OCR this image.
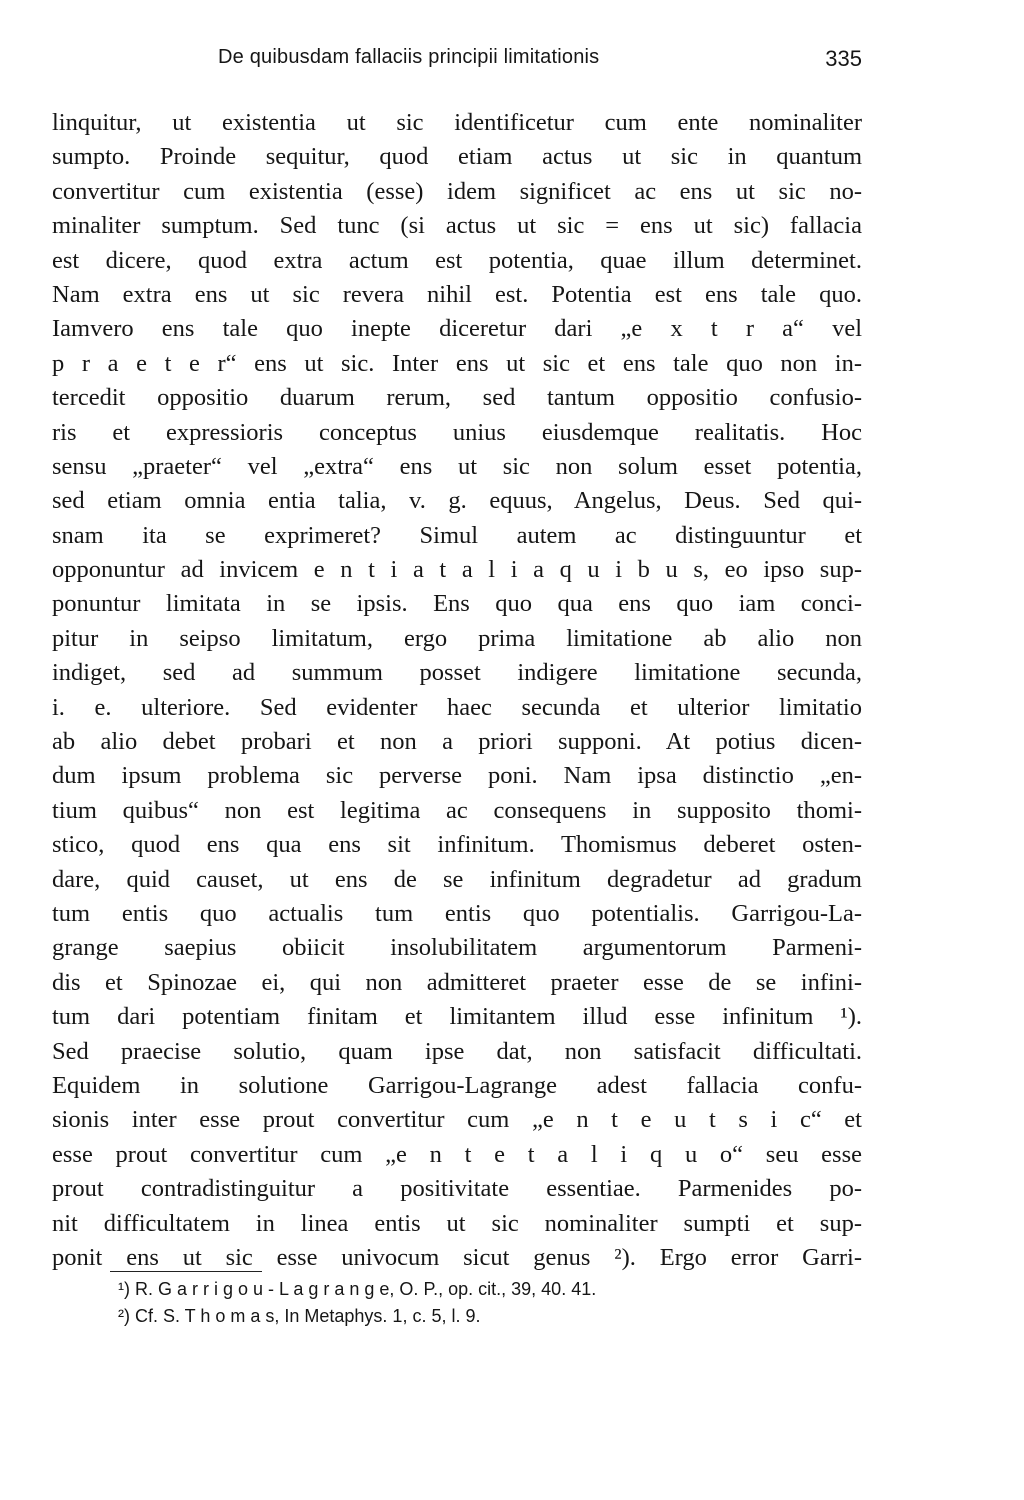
De quibusdam fallaciis principii limitationis	335
linquitur, ut existentia ut sic identificetur cum ente nominaliter
sumpto. Proinde sequitur, quod etiam actus ut sic in quantum
convertitur cum existentia (esse) idem significet ac ens ut sic no-
minaliter sumptum. Sed tunc (si actus ut sic = ens ut sic) fallacia
est dicere, quod extra actum est potentia, quae illum determinet.
Nam extra ens ut sic revera nihil est. Potentia est ens tale quo.
Iamvero ens tale quo inepte diceretur dari „e x t r a“ vel
p r a e t e r“ ens ut sic. Inter ens ut sic et ens tale quo non in-
tercedit oppositio duarum rerum, sed tantum oppositio confusio-
ris et expressioris conceptus unius eiusdemque realitatis. Hoc
sensu „praeter“ vel „extra“ ens ut sic non solum esset potentia,
sed etiam omnia entia talia, v. g. equus, Angelus, Deus. Sed qui-
snam ita se exprimeret? Simul autem ac distinguuntur et
opponuntur ad invicem e n t i a t a l i a q u i b u s, eo ipso sup-
ponuntur limitata in se ipsis. Ens quo qua ens quo iam conci-
pitur in seipso limitatum, ergo prima limitatione ab alio non
indiget, sed ad summum posset indigere limitatione secunda,
i. e. ulteriore. Sed evidenter haec secunda et ulterior limitatio
ab alio debet probari et non a priori supponi. At potius dicen-
dum ipsum problema sic perverse poni. Nam ipsa distinctio „en-
tium quibus“ non est legitima ac consequens in supposito thomi-
stico, quod ens qua ens sit infinitum. Thomismus deberet osten-
dare, quid causet, ut ens de se infinitum degradetur ad gradum
tum entis quo actualis tum entis quo potentialis. Garrigou-La-
grange saepius obiicit insolubilitatem argumentorum Parmeni-
dis et Spinozae ei, qui non admitteret praeter esse de se infini-
tum dari potentiam finitam et limitantem illud esse infinitum ¹).
Sed praecise solutio, quam ipse dat, non satisfacit difficultati.
Equidem in solutione Garrigou-Lagrange adest fallacia confu-
sionis inter esse prout convertitur cum „e n t e u t s i c“ et
esse prout convertitur cum „e n t e t a l i q u o“ seu esse
prout contradistinguitur a positivitate essentiae. Parmenides po-
nit difficultatem in linea entis ut sic nominaliter sumpti et sup-
ponit ens ut sic esse univocum sicut genus ²). Ergo error Garri-
¹) R. G a r r i g o u - L a g r a n g e, O. P., op. cit., 39, 40. 41.
²) Cf. S. T h o m a s, In Metaphys. 1, c. 5, l. 9.
